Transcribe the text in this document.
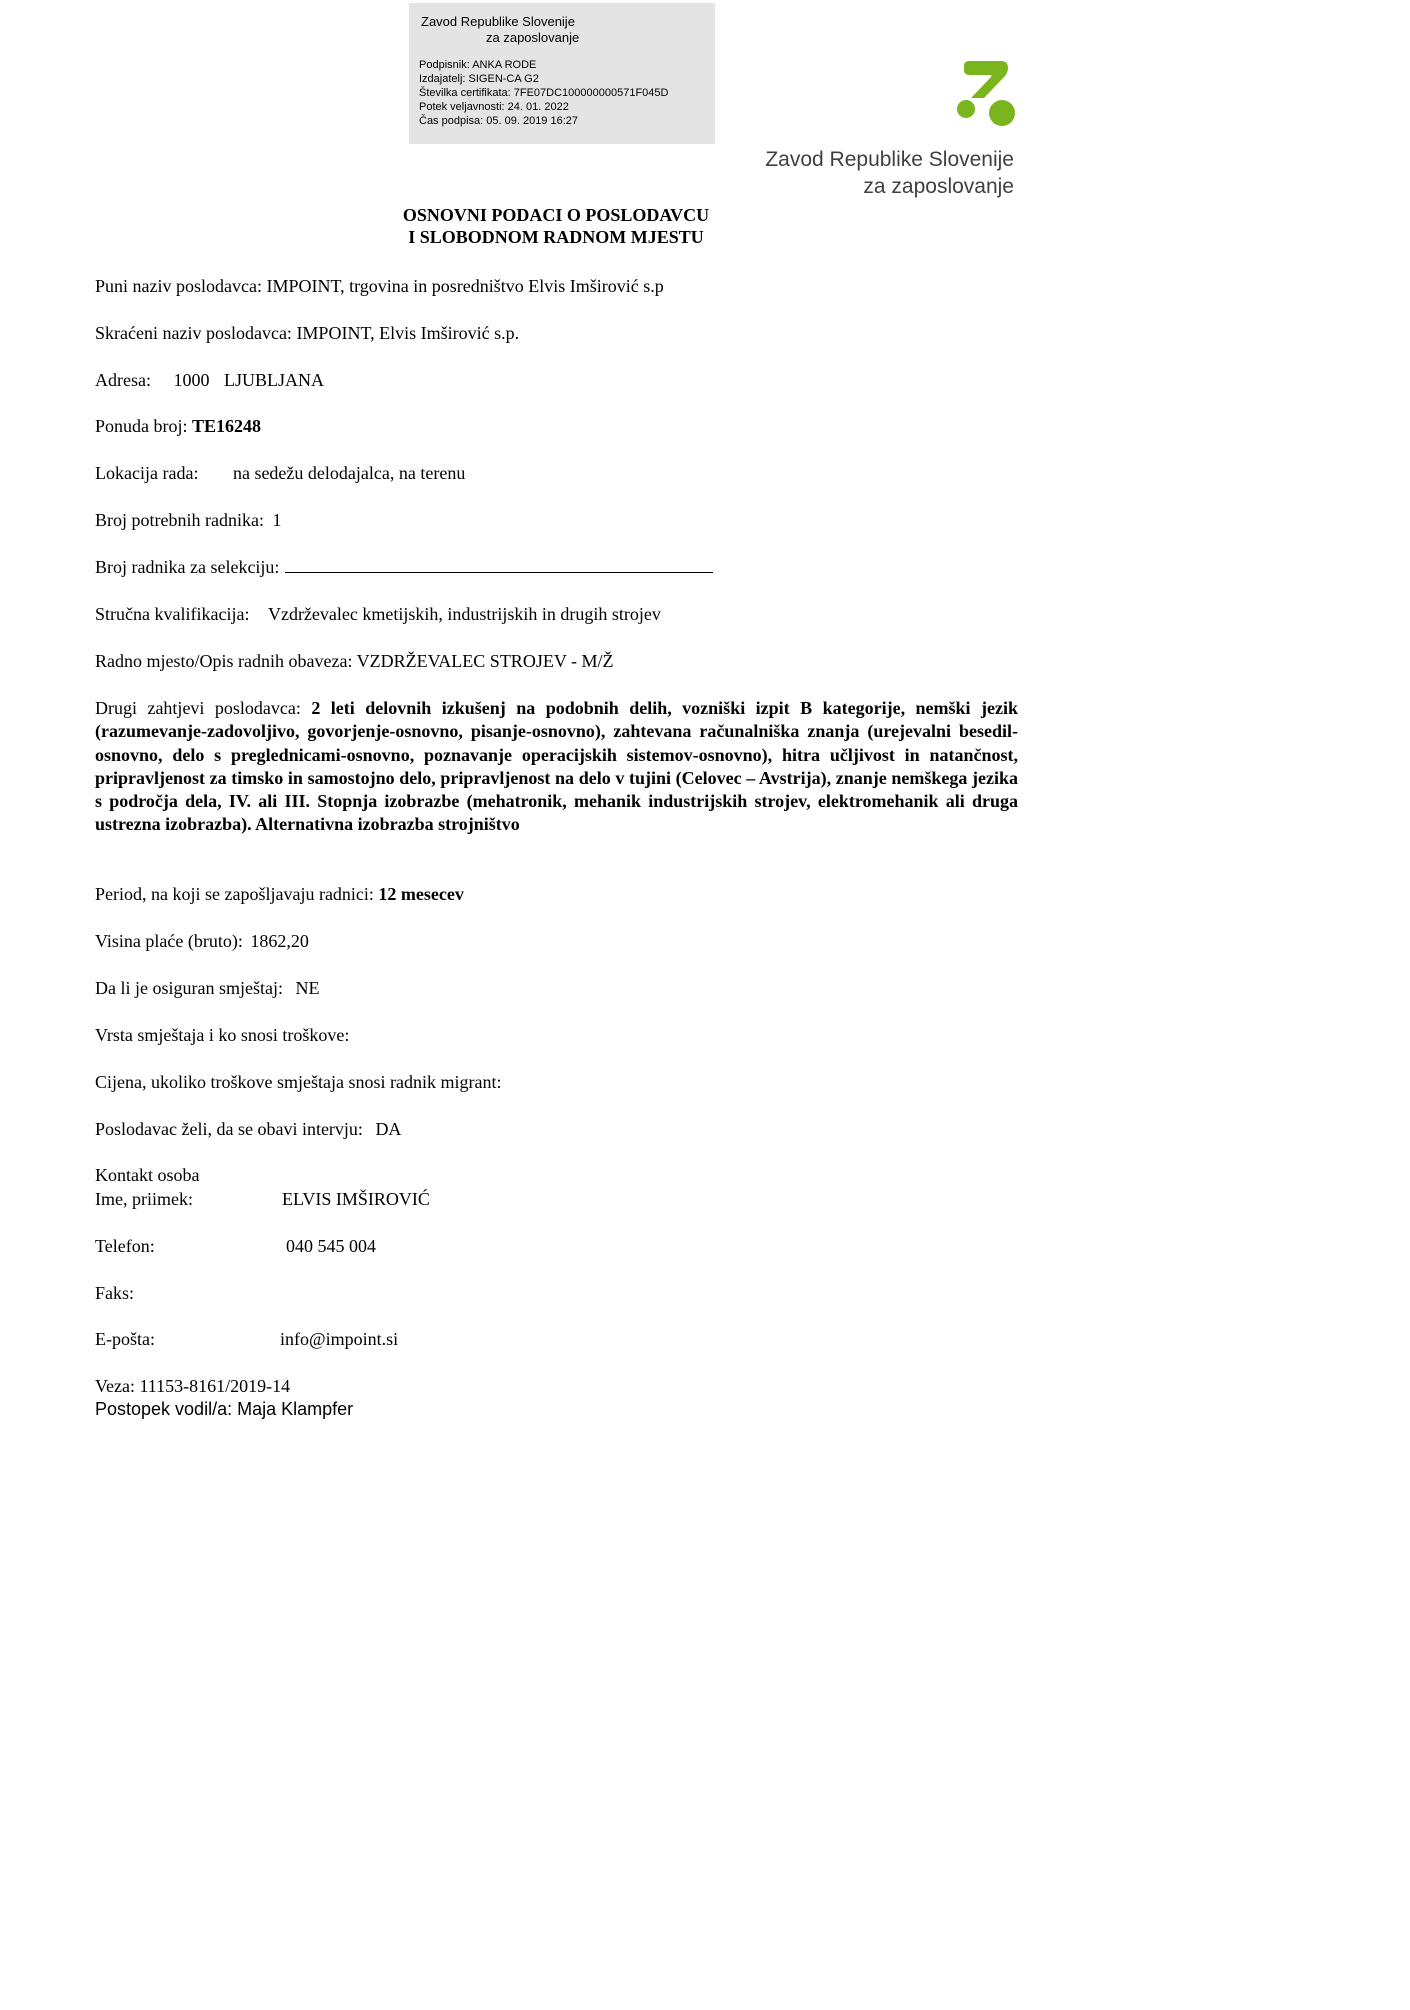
Zavod Republike Slovenije
za zaposlovanje
Podpisnik: ANKA RODE
Izdajatelj: SIGEN-CA G2
Številka certifikata: 7FE07DC100000000571F045D
Potek veljavnosti: 24. 01. 2022
Čas podpisa: 05. 09. 2019 16:27
Zavod Republike Slovenije
za zaposlovanje
OSNOVNI PODACI O POSLODAVCU
I SLOBODNOM RADNOM MJESTU
Puni naziv poslodavca: IMPOINT, trgovina in posredništvo Elvis Imširović s.p
Skraćeni naziv poslodavca: IMPOINT, Elvis Imširović s.p.
Adresa: 1000 LJUBLJANA
Ponuda broj: TE16248
Lokacija rada: na sedežu delodajalca, na terenu
Broj potrebnih radnika: 1
Broj radnika za selekciju:
Stručna kvalifikacija: Vzdrževalec kmetijskih, industrijskih in drugih strojev
Radno mjesto/Opis radnih obaveza: VZDRŽEVALEC STROJEV - M/Ž
Drugi zahtjevi poslodavca: 2 leti delovnih izkušenj na podobnih delih, vozniški izpit B kategorije, nemški jezik (razumevanje-zadovoljivo, govorjenje-osnovno, pisanje-osnovno), zahtevana računalniška znanja (urejevalni besedil-osnovno, delo s preglednicami-osnovno, poznavanje operacijskih sistemov-osnovno), hitra učljivost in natančnost, pripravljenost za timsko in samostojno delo, pripravljenost na delo v tujini (Celovec – Avstrija), znanje nemškega jezika s področja dela, IV. ali III. Stopnja izobrazbe (mehatronik, mehanik industrijskih strojev, elektromehanik ali druga ustrezna izobrazba). Alternativna izobrazba strojništvo
Period, na koji se zapošljavaju radnici: 12 mesecev
Visina plaće (bruto): 1862,20
Da li je osiguran smještaj: NE
Vrsta smještaja i ko snosi troškove:
Cijena, ukoliko troškove smještaja snosi radnik migrant:
Poslodavac želi, da se obavi intervju: DA
Kontakt osoba
Ime, priimek:	ELVIS IMŠIROVIĆ
Telefon:	040 545 004
Faks:
E-pošta:	info@impoint.si
Veza: 11153-8161/2019-14
Postopek vodil/a: Maja Klampfer
